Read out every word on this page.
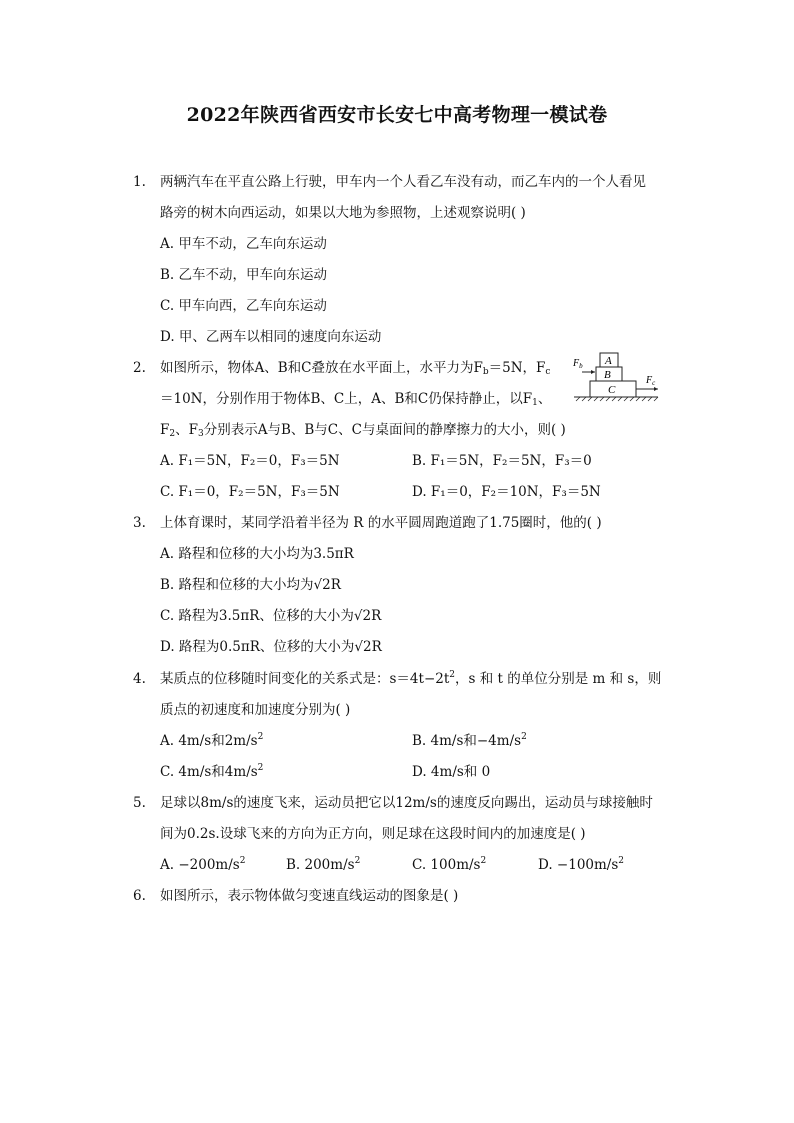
2022年陕西省西安市长安七中高考物理一模试卷
1.	两辆汽车在平直公路上行驶，甲车内一个人看乙车没有动，而乙车内的一个人看见
路旁的树木向西运动，如果以大地为参照物，上述观察说明( )
A. 甲车不动，乙车向东运动
B. 乙车不动，甲车向东运动
C. 甲车向西，乙车向东运动
D. 甲、乙两车以相同的速度向东运动
2.	如图所示，物体A、B和C叠放在水平面上，水平力为$F_b=5N$，$F_c$
＝10N，分别作用于物体B、C上，A、B和C仍保持静止，以$F_1$、
$F_2$、$F_3$分别表示A与B、B与C、C与桌面间的静摩擦力的大小，则( )
A. F₁＝5N，F₂＝0，F₃＝5N	B. F₁＝5N，F₂＝5N，F₃＝0
C. F₁＝0，F₂＝5N，F₃＝5N	D. F₁＝0，F₂＝10N，F₃＝5N
A
B
C
$F_b$
$F_c$
3.	上体育课时，某同学沿着半径为 R 的水平圆周跑道跑了1.75圈时，他的( )
A. 路程和位移的大小均为3.5πR
B. 路程和位移的大小均为√2R
C. 路程为3.5πR、位移的大小为√2R
D. 路程为0.5πR、位移的大小为√2R
4.	某质点的位移随时间变化的关系式是：$s=4t-2t^2$，s 和 t 的单位分别是 m 和 s，则
质点的初速度和加速度分别为( )
A. 4m/s和$2m/s^2$	B. 4m/s和$-4m/s^2$
C. 4m/s和$4m/s^2$	D. 4m/s和 0
5.	足球以8m/s的速度飞来，运动员把它以12m/s的速度反向踢出，运动员与球接触时
间为0.2s.设球飞来的方向为正方向，则足球在这段时间内的加速度是( )
A. $-200m/s^2$	B. $200m/s^2$	C. $100m/s^2$	D. $-100m/s^2$
6.	如图所示，表示物体做匀变速直线运动的图象是( )
